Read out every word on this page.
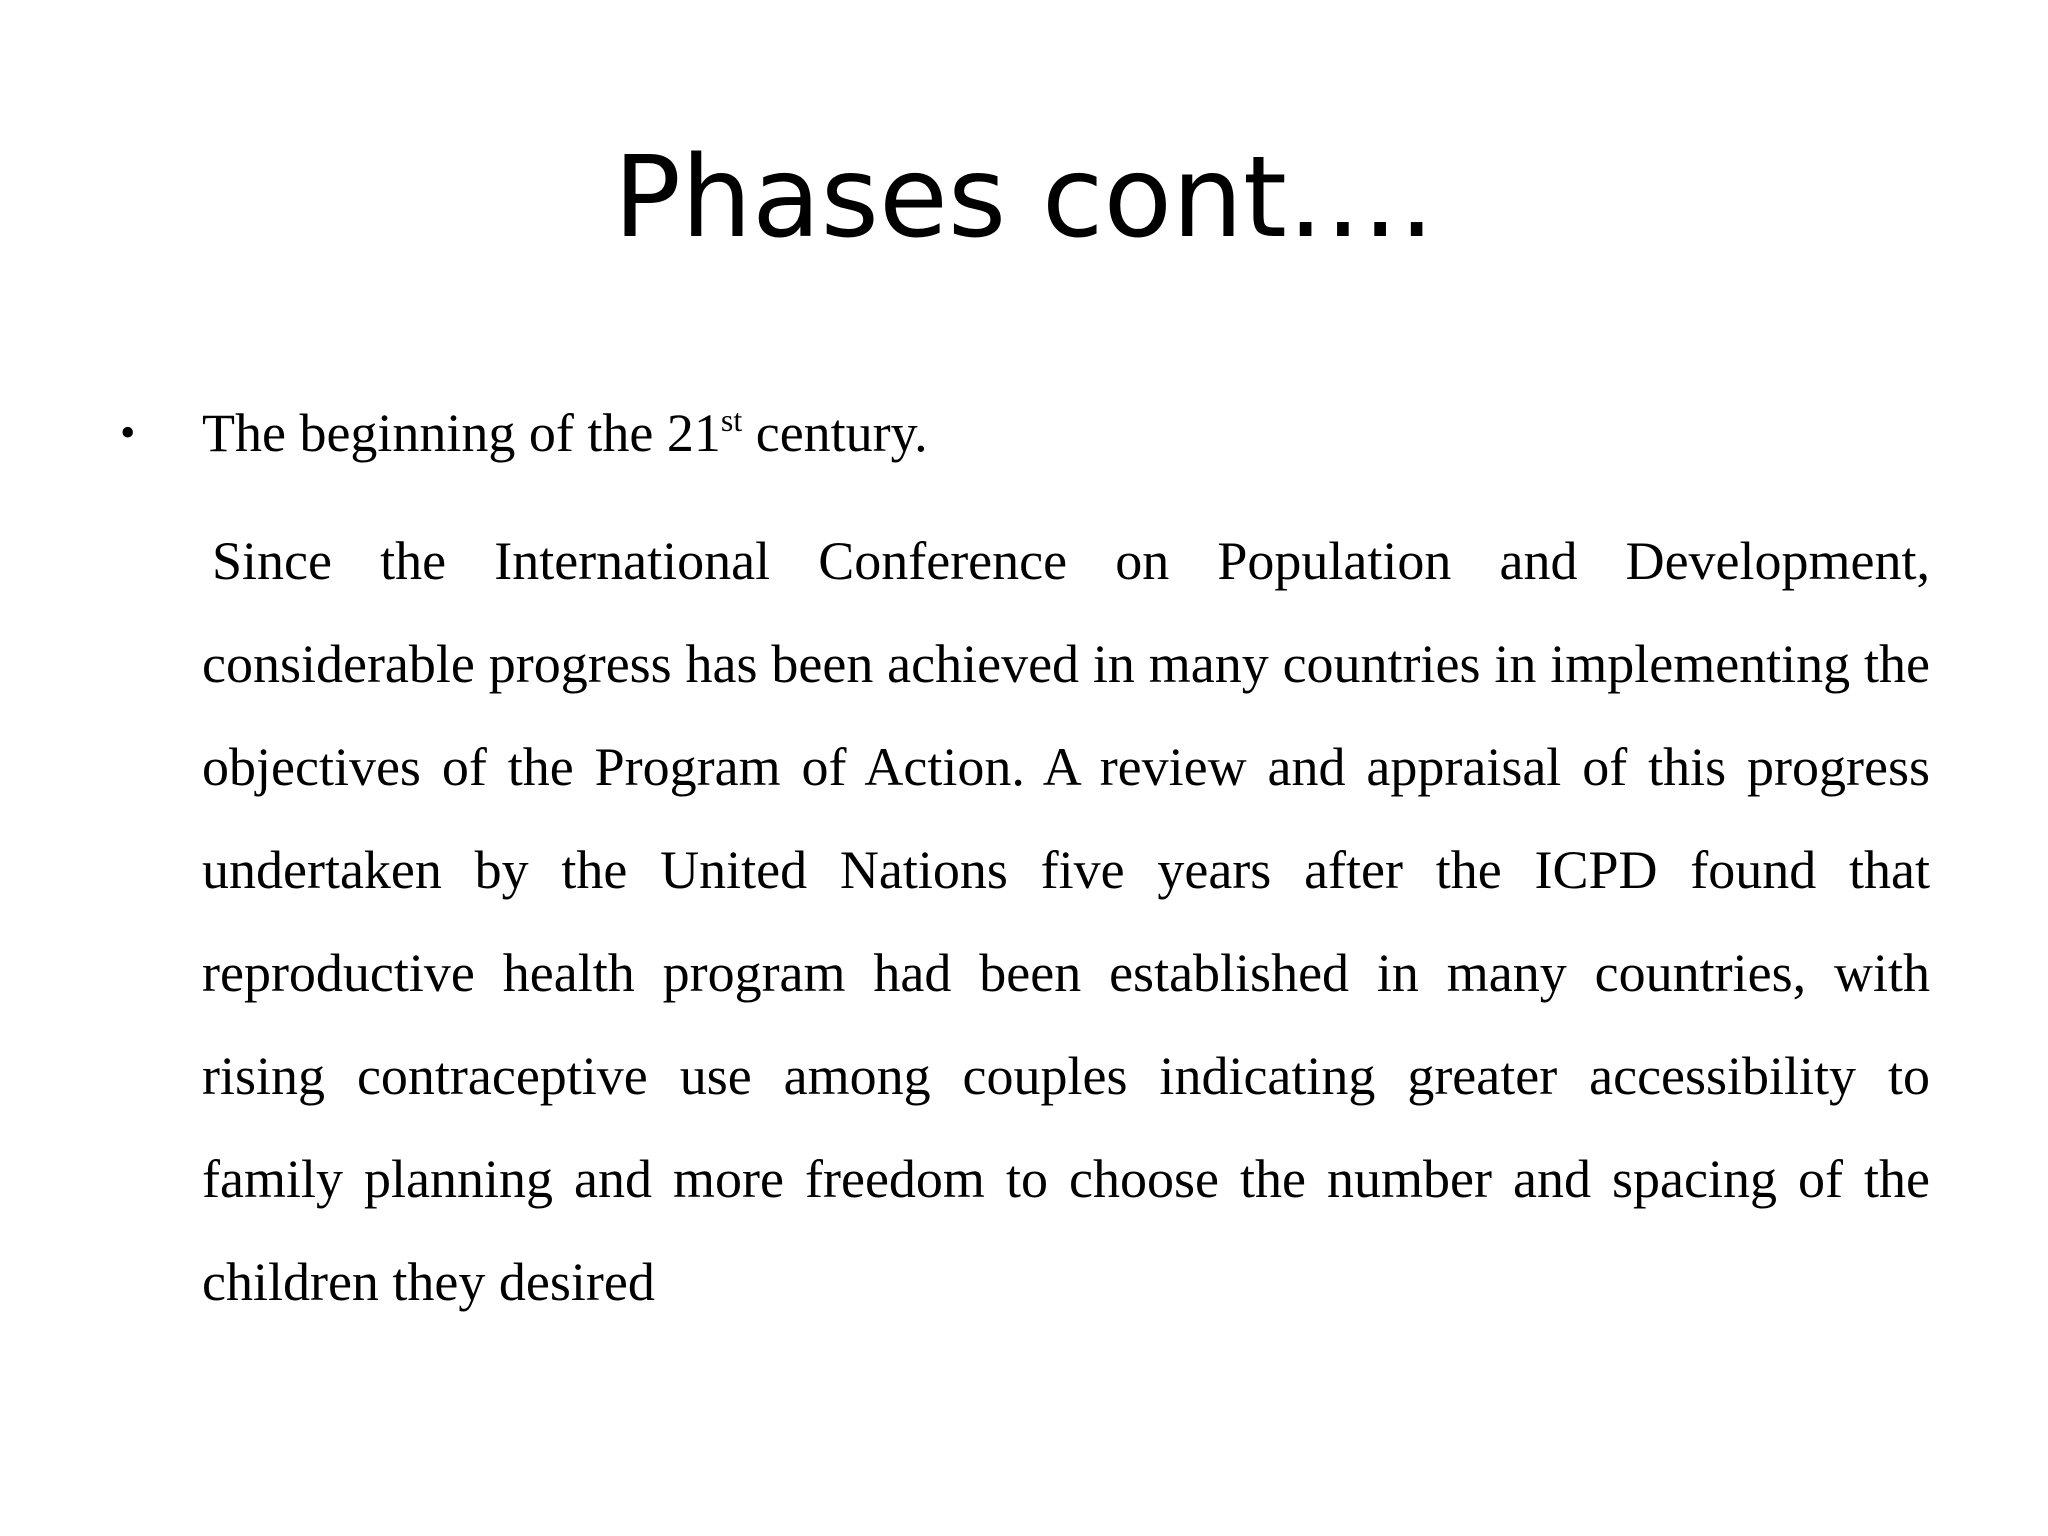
Phases cont….
•	The beginning of the 21st century.

Since the International Conference on Population and Development, considerable progress has been achieved in many countries in implementing the objectives of the Program of Action. A review and appraisal of this progress undertaken by the United Nations five years after the ICPD found that reproductive health program had been established in many countries, with rising contraceptive use among couples indicating greater accessibility to family planning and more freedom to choose the number and spacing of the children they desired
